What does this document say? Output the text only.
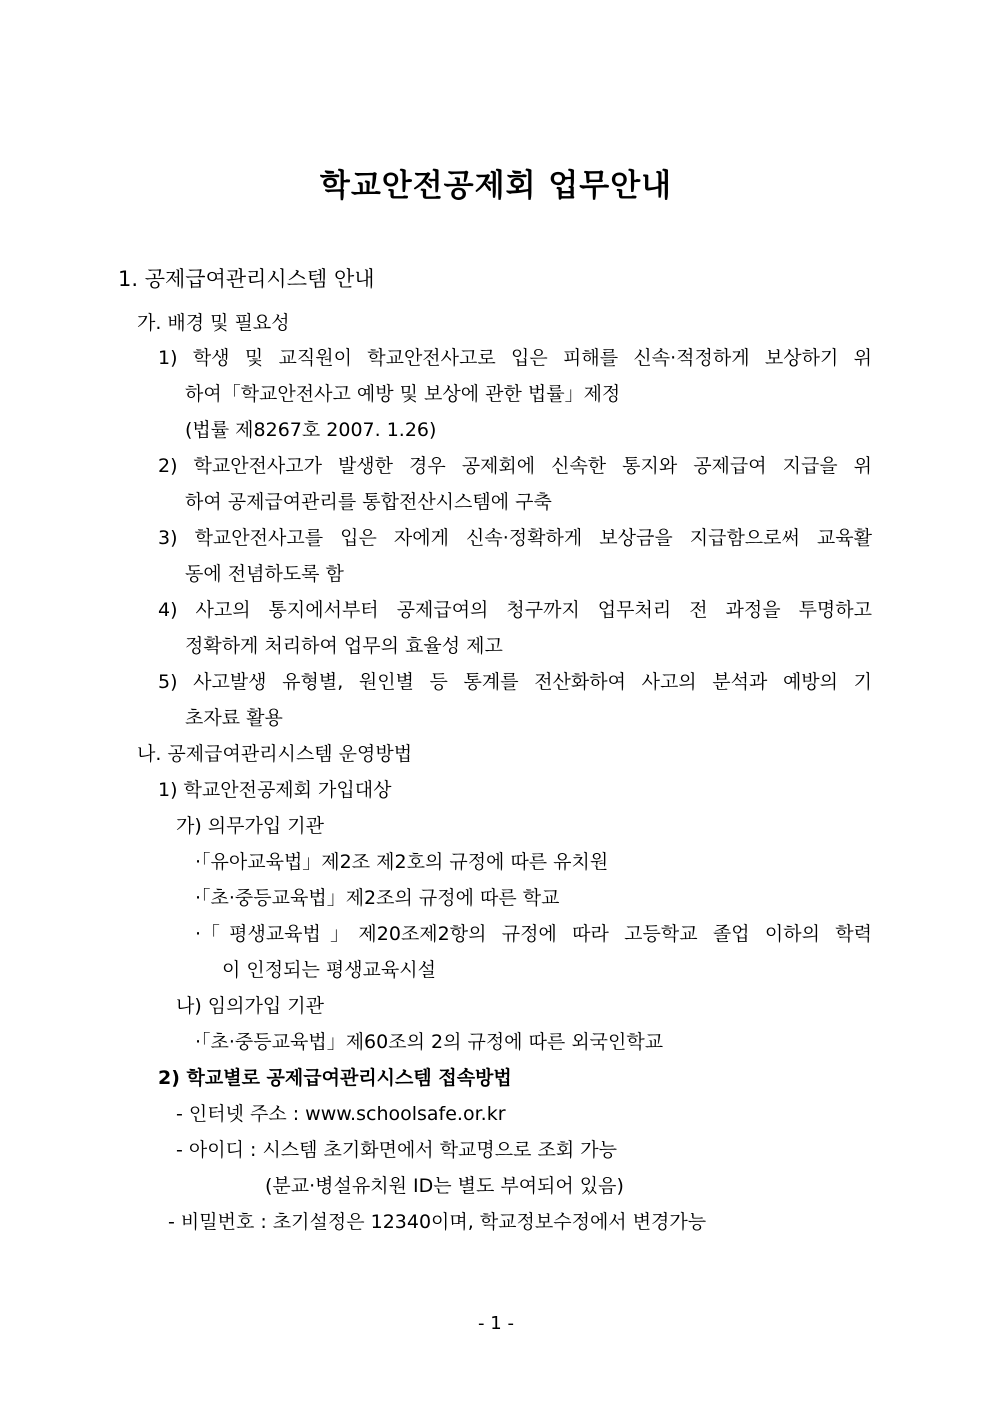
학교안전공제회 업무안내
1. 공제급여관리시스템 안내
가. 배경 및 필요성
1) 학생 및 교직원이 학교안전사고로 입은 피해를 신속·적정하게 보상하기 위
하여「학교안전사고 예방 및 보상에 관한 법률」제정
(법률 제8267호 2007. 1.26)
2) 학교안전사고가 발생한 경우 공제회에 신속한 통지와 공제급여 지급을 위
하여 공제급여관리를 통합전산시스템에 구축
3) 학교안전사고를 입은 자에게 신속·정확하게 보상금을 지급함으로써 교육활
동에 전념하도록 함
4) 사고의 통지에서부터 공제급여의 청구까지 업무처리 전 과정을 투명하고
정확하게 처리하여 업무의 효율성 제고
5) 사고발생 유형별, 원인별 등 통계를 전산화하여 사고의 분석과 예방의 기
초자료 활용
나. 공제급여관리시스템 운영방법
1) 학교안전공제회 가입대상
가) 의무가입 기관
·「유아교육법」제2조 제2호의 규정에 따른 유치원
·「초·중등교육법」제2조의 규정에 따른 학교
·「평생교육법」제20조제2항의 규정에 따라 고등학교 졸업 이하의 학력
이 인정되는 평생교육시설
나) 임의가입 기관
·「초·중등교육법」제60조의 2의 규정에 따른 외국인학교
2) 학교별로 공제급여관리시스템 접속방법
- 인터넷 주소 : www.schoolsafe.or.kr
- 아이디 : 시스템 초기화면에서 학교명으로 조회 가능
(분교·병설유치원 ID는 별도 부여되어 있음)
- 비밀번호 : 초기설정은 12340이며, 학교정보수정에서 변경가능
- 1 -
